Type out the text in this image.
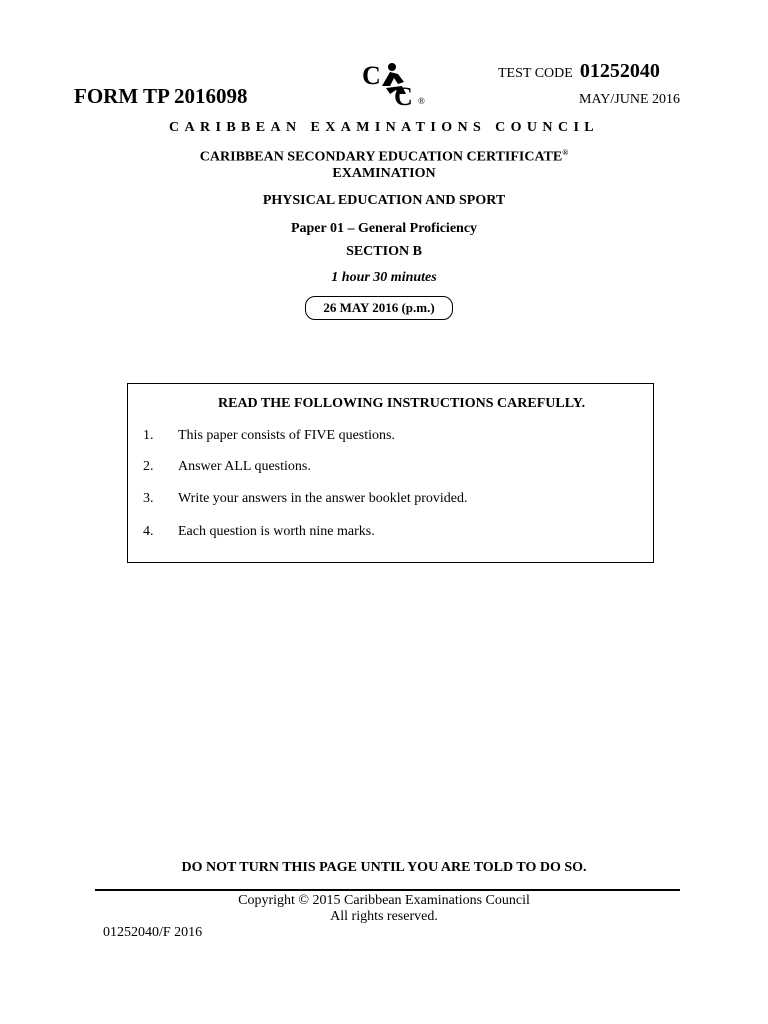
FORM TP 2016098
C
C ®
TEST CODE 01252040
MAY/JUNE 2016
CARIBBEAN EXAMINATIONS COUNCIL
CARIBBEAN SECONDARY EDUCATION CERTIFICATE®
EXAMINATION
PHYSICAL EDUCATION AND SPORT
Paper 01 – General Proficiency
SECTION B
1 hour 30 minutes
26 MAY 2016 (p.m.)
READ THE FOLLOWING INSTRUCTIONS CAREFULLY.
1. This paper consists of FIVE questions.
2. Answer ALL questions.
3. Write your answers in the answer booklet provided.
4. Each question is worth nine marks.
DO NOT TURN THIS PAGE UNTIL YOU ARE TOLD TO DO SO.
Copyright © 2015 Caribbean Examinations Council
All rights reserved.
01252040/F 2016
